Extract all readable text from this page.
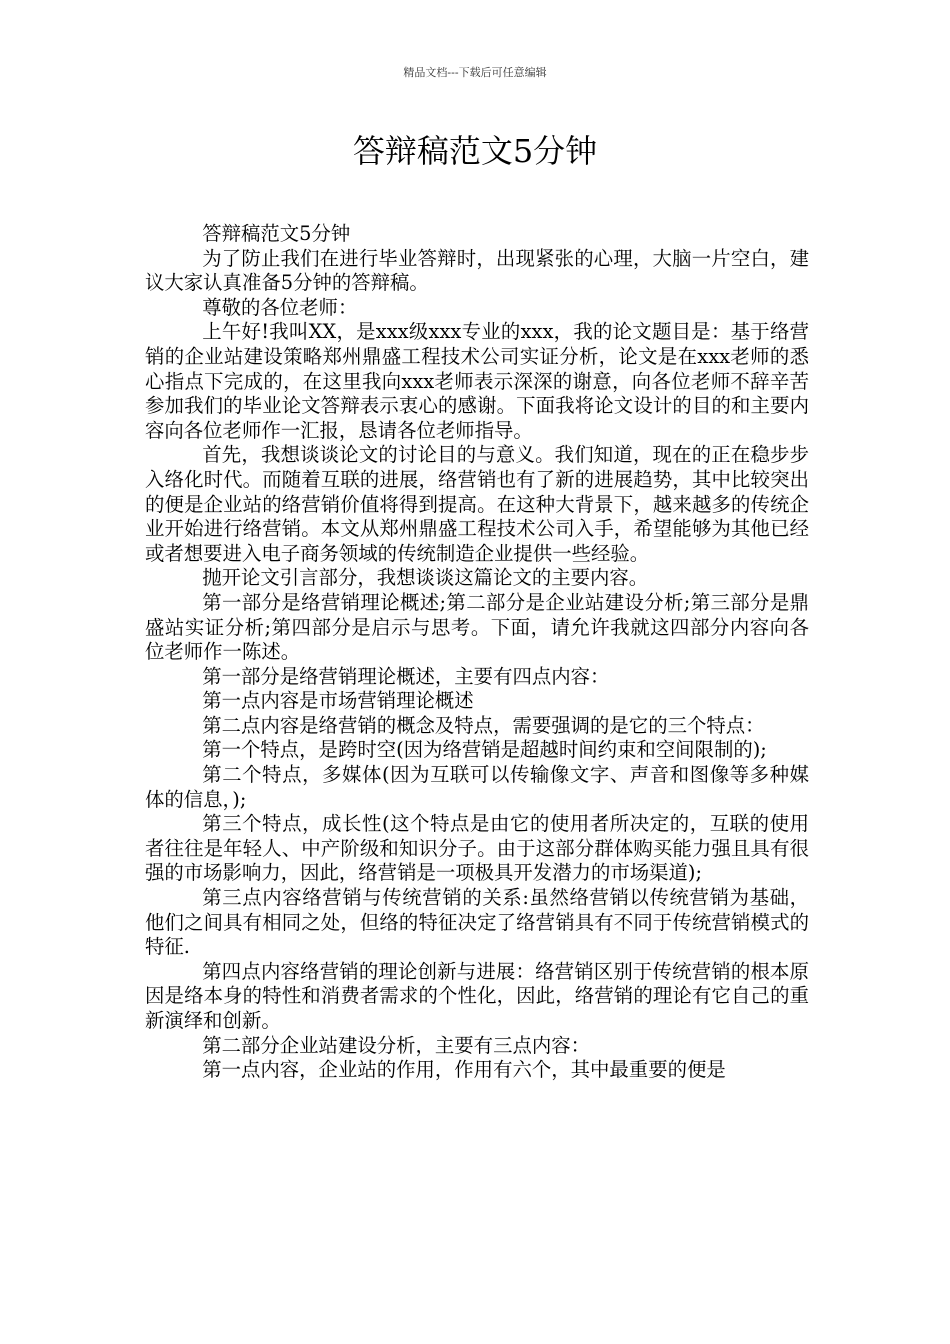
精品文档---下载后可任意编辑
答辩稿范文5分钟

答辩稿范文5分钟

为了防止我们在进行毕业答辩时，出现紧张的心理，大脑一片空白，建议大家认真准备5分钟的答辩稿。

尊敬的各位老师：

上午好!我叫XX，是xxx级xxx专业的xxx，我的论文题目是：基于络营销的企业站建设策略郑州鼎盛工程技术公司实证分析，论文是在xxx老师的悉心指点下完成的，在这里我向xxx老师表示深深的谢意，向各位老师不辞辛苦参加我们的毕业论文答辩表示衷心的感谢。下面我将论文设计的目的和主要内容向各位老师作一汇报，恳请各位老师指导。

首先，我想谈谈论文的讨论目的与意义。我们知道，现在的正在稳步步入络化时代。而随着互联的进展，络营销也有了新的进展趋势，其中比较突出的便是企业站的络营销价值将得到提高。在这种大背景下，越来越多的传统企业开始进行络营销。本文从郑州鼎盛工程技术公司入手，希望能够为其他已经或者想要进入电子商务领域的传统制造企业提供一些经验。

抛开论文引言部分，我想谈谈这篇论文的主要内容。

第一部分是络营销理论概述;第二部分是企业站建设分析;第三部分是鼎盛站实证分析;第四部分是启示与思考。下面，请允许我就这四部分内容向各位老师作一陈述。

第一部分是络营销理论概述，主要有四点内容：

第一点内容是市场营销理论概述

第二点内容是络营销的概念及特点，需要强调的是它的三个特点：

第一个特点，是跨时空(因为络营销是超越时间约束和空间限制的);

第二个特点，多媒体(因为互联可以传输像文字、声音和图像等多种媒体的信息，);

第三个特点，成长性(这个特点是由它的使用者所决定的，互联的使用者往往是年轻人、中产阶级和知识分子。由于这部分群体购买能力强且具有很强的市场影响力，因此，络营销是一项极具开发潜力的市场渠道);

第三点内容络营销与传统营销的关系:虽然络营销以传统营销为基础，他们之间具有相同之处，但络的特征决定了络营销具有不同于传统营销模式的特征.

第四点内容络营销的理论创新与进展：络营销区别于传统营销的根本原因是络本身的特性和消费者需求的个性化，因此，络营销的理论有它自己的重新演绎和创新。

第二部分企业站建设分析，主要有三点内容：

第一点内容，企业站的作用，作用有六个，其中最重要的便是
